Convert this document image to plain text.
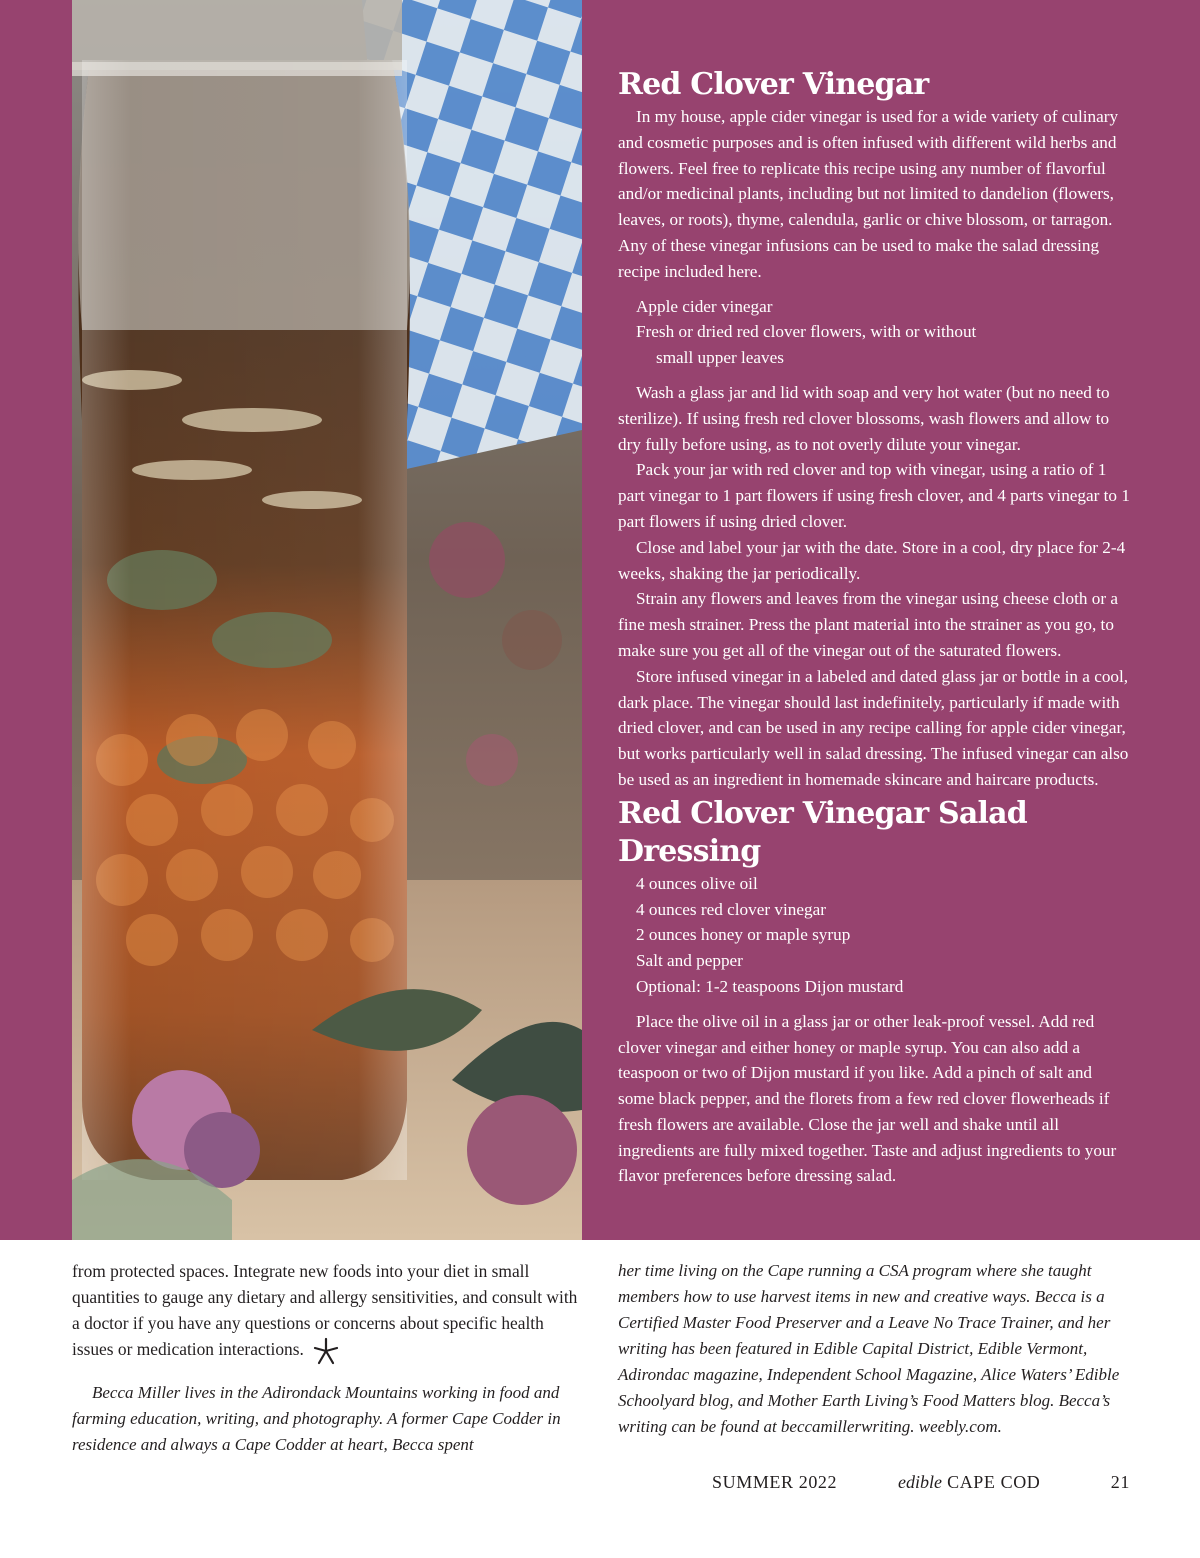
Red Clover Vinegar

In my house, apple cider vinegar is used for a wide variety of culinary and cosmetic purposes and is often infused with different wild herbs and flowers. Feel free to replicate this recipe using any number of flavorful and/or medicinal plants, including but not limited to dandelion (flowers, leaves, or roots), thyme, calendula, garlic or chive blossom, or tarragon. Any of these vinegar infusions can be used to make the salad dressing recipe included here.

Apple cider vinegar
Fresh or dried red clover flowers, with or without
small upper leaves

Wash a glass jar and lid with soap and very hot water (but no need to sterilize). If using fresh red clover blossoms, wash flowers and allow to dry fully before using, as to not overly dilute your vinegar.

Pack your jar with red clover and top with vinegar, using a ratio of 1 part vinegar to 1 part flowers if using fresh clover, and 4 parts vinegar to 1 part flowers if using dried clover.

Close and label your jar with the date. Store in a cool, dry place for 2-4 weeks, shaking the jar periodically.

Strain any flowers and leaves from the vinegar using cheese cloth or a fine mesh strainer. Press the plant material into the strainer as you go, to make sure you get all of the vinegar out of the saturated flowers.

Store infused vinegar in a labeled and dated glass jar or bottle in a cool, dark place. The vinegar should last indefinitely, particularly if made with dried clover, and can be used in any recipe calling for apple cider vinegar, but works particularly well in salad dressing. The infused vinegar can also be used as an ingredient in homemade skincare and haircare products.

Red Clover Vinegar Salad Dressing
4 ounces olive oil
4 ounces red clover vinegar
2 ounces honey or maple syrup
Salt and pepper
Optional: 1-2 teaspoons Dijon mustard

Place the olive oil in a glass jar or other leak-proof vessel. Add red clover vinegar and either honey or maple syrup. You can also add a teaspoon or two of Dijon mustard if you like. Add a pinch of salt and some black pepper, and the florets from a few red clover flowerheads if fresh flowers are available. Close the jar well and shake until all ingredients are fully mixed together. Taste and adjust ingredients to your flavor preferences before dressing salad.

from protected spaces. Integrate new foods into your diet in small quantities to gauge any dietary and allergy sensitivities, and consult with a doctor if you have any questions or concerns about specific health issues or medication interactions.

Becca Miller lives in the Adirondack Mountains working in food and farming education, writing, and photography. A former Cape Codder in residence and always a Cape Codder at heart, Becca spent

her time living on the Cape running a CSA program where she taught members how to use harvest items in new and creative ways. Becca is a Certified Master Food Preserver and a Leave No Trace Trainer, and her writing has been featured in Edible Capital District, Edible Vermont, Adirondac magazine, Independent School Magazine, Alice Waters’ Edible Schoolyard blog, and Mother Earth Living’s Food Matters blog. Becca’s writing can be found at beccamillerwriting. weebly.com.

SUMMER 2022	edible CAPE COD	21
